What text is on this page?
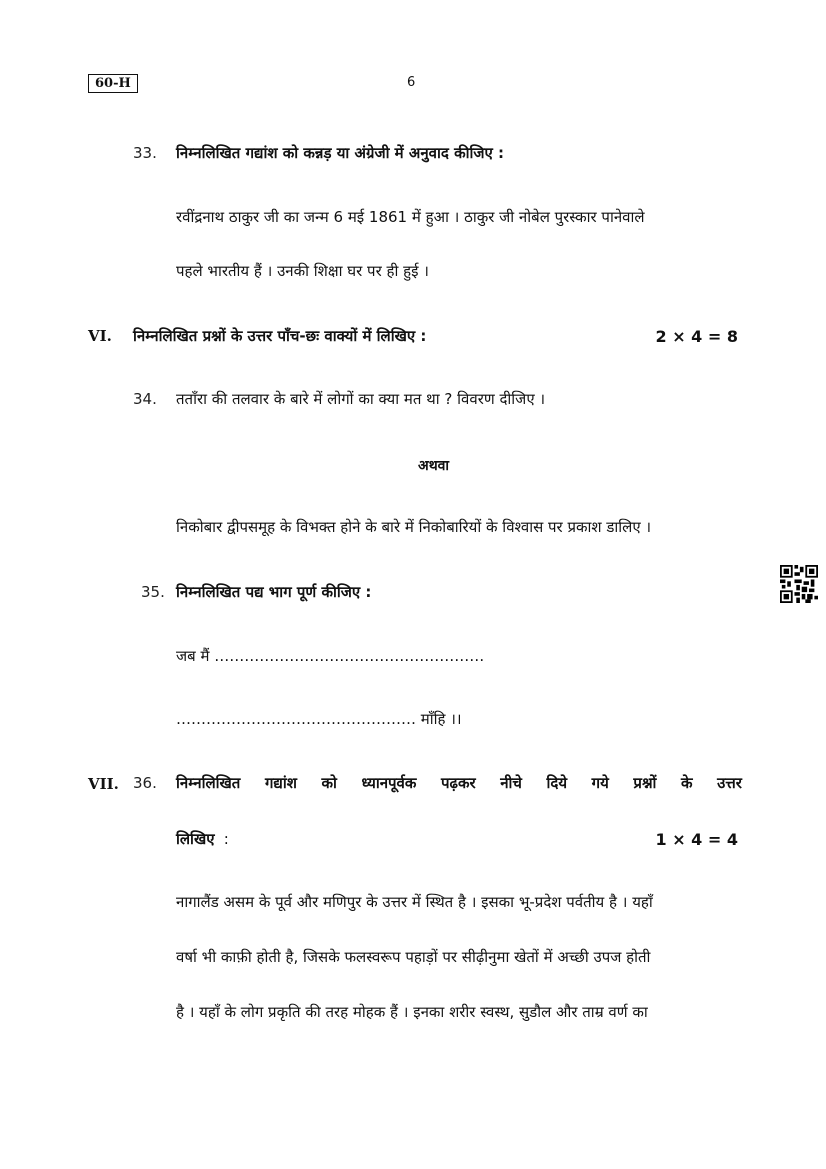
60-H	6
33. निम्नलिखित गद्यांश को कन्नड़ या अंग्रेजी में अनुवाद कीजिए :
रवींद्रनाथ ठाकुर जी का जन्म 6 मई 1861 में हुआ । ठाकुर जी नोबेल पुरस्कार पानेवाले
पहले भारतीय हैं । उनकी शिक्षा घर पर ही हुई ।
VI. निम्नलिखित प्रश्नों के उत्तर पाँच-छः वाक्यों में लिखिए :	2 × 4 = 8
34. तताँरा की तलवार के बारे में लोगों का क्या मत था ? विवरण दीजिए ।
अथवा
निकोबार द्वीपसमूह के विभक्त होने के बारे में निकोबारियों के विश्वास पर प्रकाश डालिए ।
35. निम्नलिखित पद्य भाग पूर्ण कीजिए :
जब मैं ………………………………………………
………………………………………… माँहि ।।
VII. 36. निम्नलिखित गद्यांश को ध्यानपूर्वक पढ़कर नीचे दिये गये प्रश्नों के उत्तर
लिखिए :	1 × 4 = 4
नागालैंड असम के पूर्व और मणिपुर के उत्तर में स्थित है । इसका भू-प्रदेश पर्वतीय है । यहाँ
वर्षा भी काफ़ी होती है, जिसके फलस्वरूप पहाड़ों पर सीढ़ीनुमा खेतों में अच्छी उपज होती
है । यहाँ के लोग प्रकृति की तरह मोहक हैं । इनका शरीर स्वस्थ, सुडौल और ताम्र वर्ण का
